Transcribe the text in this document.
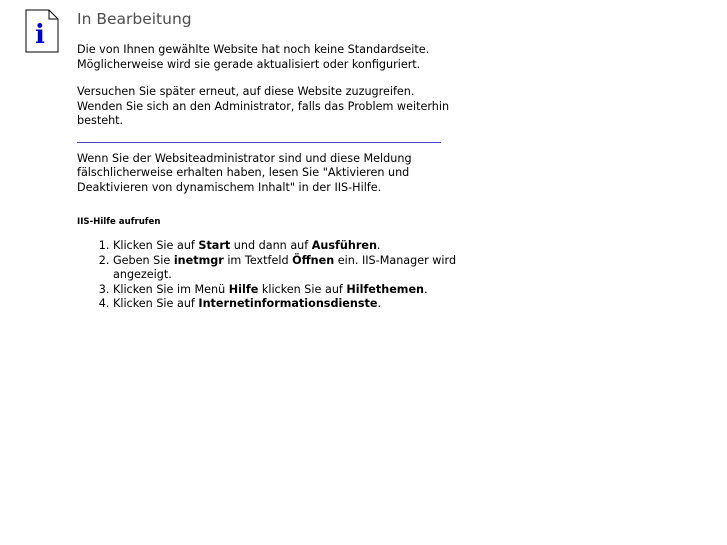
i
In Bearbeitung

Die von Ihnen gewählte Website hat noch keine Standardseite. Möglicherweise wird sie gerade aktualisiert oder konfiguriert.

Versuchen Sie später erneut, auf diese Website zuzugreifen. Wenden Sie sich an den Administrator, falls das Problem weiterhin besteht.

Wenn Sie der Websiteadministrator sind und diese Meldung fälschlicherweise erhalten haben, lesen Sie "Aktivieren und Deaktivieren von dynamischem Inhalt" in der IIS-Hilfe.

IIS-Hilfe aufrufen
1. Klicken Sie auf Start und dann auf Ausführen.
2. Geben Sie inetmgr im Textfeld Öffnen ein. IIS-Manager wird angezeigt.
3. Klicken Sie im Menü Hilfe klicken Sie auf Hilfethemen.
4. Klicken Sie auf Internetinformationsdienste.
